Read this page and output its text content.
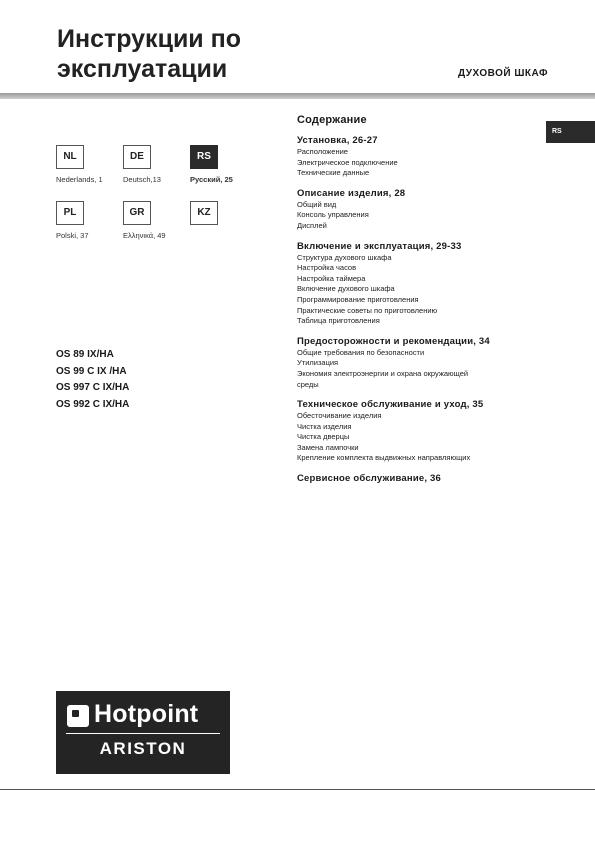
Инструкции по
эксплуатации	ДУХОВОЙ ШКАФ
RS
NL
Nederlands, 1
DE
Deutsch,13
RS
Русский, 25
PL
Polski, 37
GR
Ελληνικά, 49
KZ
OS 89 IX/HA
OS 99 C IX /HA
OS 997 C IX/HA
OS 992 C IX/HA
Содержание
Установка, 26-27
Расположение
Электрическое подключение
Технические данные
Описание изделия, 28
Общий вид
Консоль управления
Дисплей
Включение и эксплуатация, 29-33
Структура духового шкафа
Настройка часов
Настройка таймера
Включение духового шкафа
Программирование приготовления
Практические советы по приготовлению
Таблица приготовления
Предосторожности и рекомендации, 34
Общие требования по безопасности
Утилизация
Экономия электроэнергии и охрана окружающей
среды
Техническое обслуживание и уход, 35
Обесточивание изделия
Чистка изделия
Чистка дверцы
Замена лампочки
Крепление комплекта выдвижных направляющих
Сервисное обслуживание, 36
Hotpoint
ARISTON
